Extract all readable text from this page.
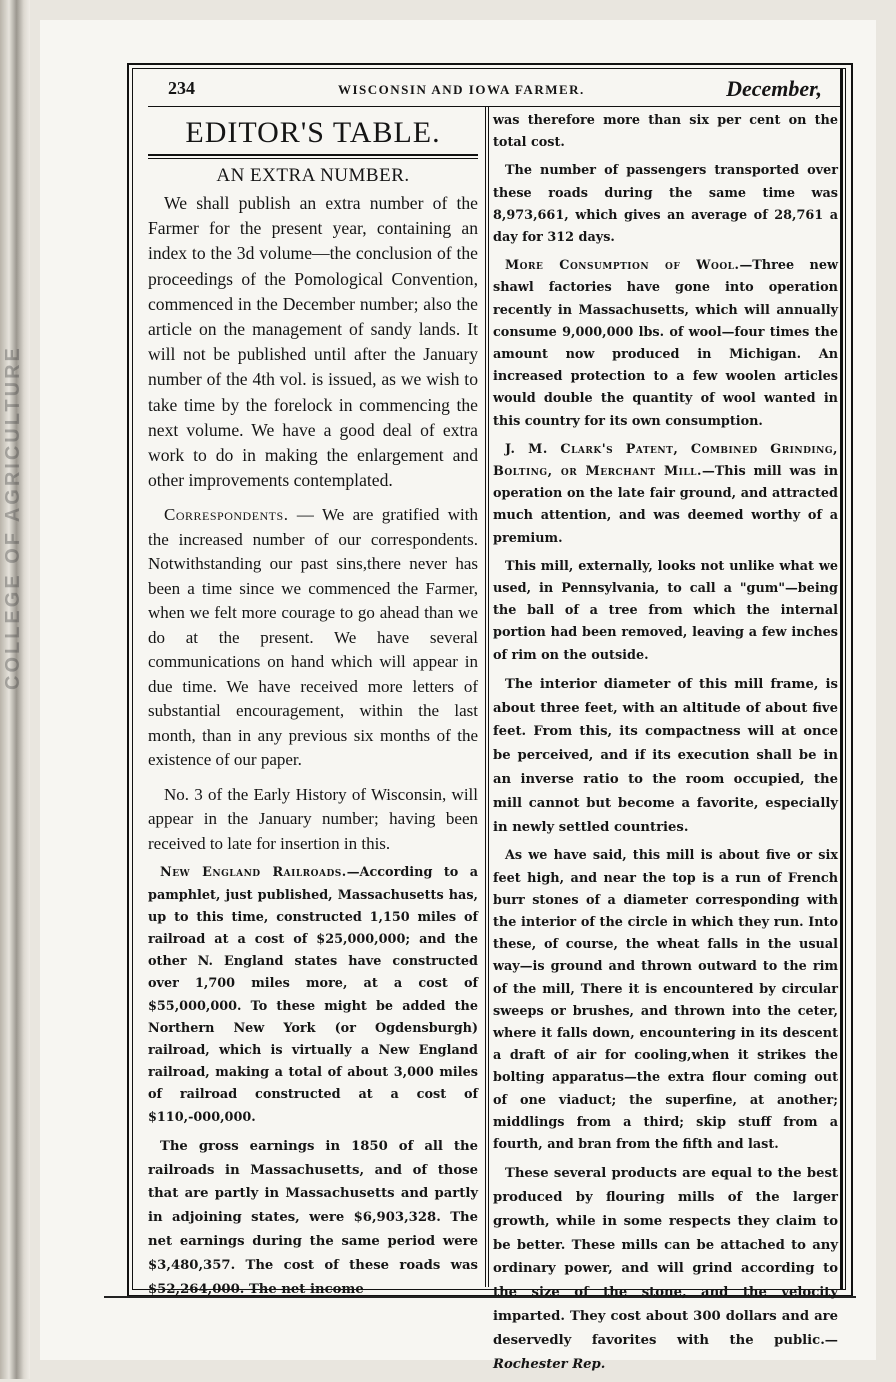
COLLEGE OF AGRICULTURE
234	WISCONSIN AND IOWA FARMER.	December,
EDITOR'S TABLE.
AN EXTRA NUMBER.

We shall publish an extra number of the Farmer for the present year, containing an index to the 3d volume—the conclusion of the proceedings of the Pomological Convention, commenced in the December number; also the article on the management of sandy lands. It will not be published until after the January number of the 4th vol. is issued, as we wish to take time by the forelock in commencing the next volume. We have a good deal of extra work to do in making the enlargement and other improvements contemplated.

Correspondents. — We are gratified with the increased number of our correspondents. Notwithstanding our past sins,there never has been a time since we commenced the Farmer, when we felt more courage to go ahead than we do at the present. We have several communications on hand which will appear in due time. We have received more letters of substantial encouragement, within the last month, than in any previous six months of the existence of our paper.

No. 3 of the Early History of Wisconsin, will appear in the January number; having been received to late for insertion in this.

New England Railroads.—According to a pamphlet, just published, Massachusetts has, up to this time, constructed 1,150 miles of railroad at a cost of $25,000,000; and the other N. England states have constructed over 1,700 miles more, at a cost of $55,000,000. To these might be added the Northern New York (or Ogdensburgh) railroad, which is virtually a New England railroad, making a total of about 3,000 miles of railroad constructed at a cost of $110,-000,000.

The gross earnings in 1850 of all the railroads in Massachusetts, and of those that are partly in Massachusetts and partly in adjoining states, were $6,903,328. The net earnings during the same period were $3,480,357. The cost of these roads was $52,264,000. The net income

was therefore more than six per cent on the total cost.

The number of passengers transported over these roads during the same time was 8,973,661, which gives an average of 28,761 a day for 312 days.

More Consumption of Wool.—Three new shawl factories have gone into operation recently in Massachusetts, which will annually consume 9,000,000 lbs. of wool—four times the amount now produced in Michigan. An increased protection to a few woolen articles would double the quantity of wool wanted in this country for its own consumption.

J. M. Clark's Patent, Combined Grinding, Bolting, or Merchant Mill.—This mill was in operation on the late fair ground, and attracted much attention, and was deemed worthy of a premium.

This mill, externally, looks not unlike what we used, in Pennsylvania, to call a "gum"—being the ball of a tree from which the internal portion had been removed, leaving a few inches of rim on the outside.

The interior diameter of this mill frame, is about three feet, with an altitude of about five feet. From this, its compactness will at once be perceived, and if its execution shall be in an inverse ratio to the room occupied, the mill cannot but become a favorite, especially in newly settled countries.

As we have said, this mill is about five or six feet high, and near the top is a run of French burr stones of a diameter corresponding with the interior of the circle in which they run. Into these, of course, the wheat falls in the usual way—is ground and thrown outward to the rim of the mill, There it is encountered by circular sweeps or brushes, and thrown into the ceter, where it falls down, encountering in its descent a draft of air for cooling,when it strikes the bolting apparatus—the extra flour coming out of one viaduct; the superfine, at another; middlings from a third; skip stuff from a fourth, and bran from the fifth and last.

These several products are equal to the best produced by flouring mills of the larger growth, while in some respects they claim to be better. These mills can be attached to any ordinary power, and will grind according to the size of the stone, and the velocity imparted. They cost about 300 dollars and are deservedly favorites with the public.—Rochester Rep.
